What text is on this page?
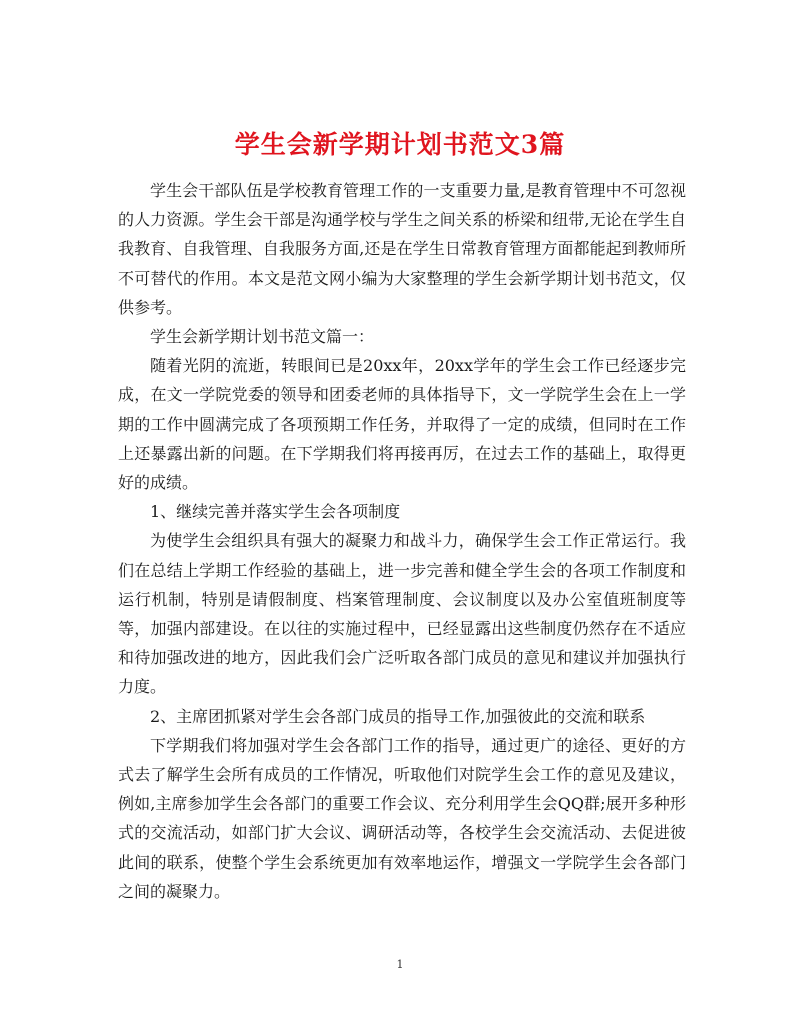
学生会新学期计划书范文3篇

学生会干部队伍是学校教育管理工作的一支重要力量,是教育管理中不可忽视的人力资源。学生会干部是沟通学校与学生之间关系的桥梁和纽带,无论在学生自我教育、自我管理、自我服务方面,还是在学生日常教育管理方面都能起到教师所不可替代的作用。本文是范文网小编为大家整理的学生会新学期计划书范文，仅供参考。

学生会新学期计划书范文篇一：

随着光阴的流逝，转眼间已是20xx年，20xx学年的学生会工作已经逐步完成，在文一学院党委的领导和团委老师的具体指导下，文一学院学生会在上一学期的工作中圆满完成了各项预期工作任务，并取得了一定的成绩，但同时在工作上还暴露出新的问题。在下学期我们将再接再厉，在过去工作的基础上，取得更好的成绩。

1、继续完善并落实学生会各项制度

为使学生会组织具有强大的凝聚力和战斗力，确保学生会工作正常运行。我们在总结上学期工作经验的基础上，进一步完善和健全学生会的各项工作制度和运行机制，特别是请假制度、档案管理制度、会议制度以及办公室值班制度等等，加强内部建设。在以往的实施过程中，已经显露出这些制度仍然存在不适应和待加强改进的地方，因此我们会广泛听取各部门成员的意见和建议并加强执行力度。

2、主席团抓紧对学生会各部门成员的指导工作,加强彼此的交流和联系

下学期我们将加强对学生会各部门工作的指导，通过更广的途径、更好的方式去了解学生会所有成员的工作情况，听取他们对院学生会工作的意见及建议，例如,主席参加学生会各部门的重要工作会议、充分利用学生会QQ群;展开多种形式的交流活动，如部门扩大会议、调研活动等，各校学生会交流活动、去促进彼此间的联系，使整个学生会系统更加有效率地运作，增强文一学院学生会各部门之间的凝聚力。

1
